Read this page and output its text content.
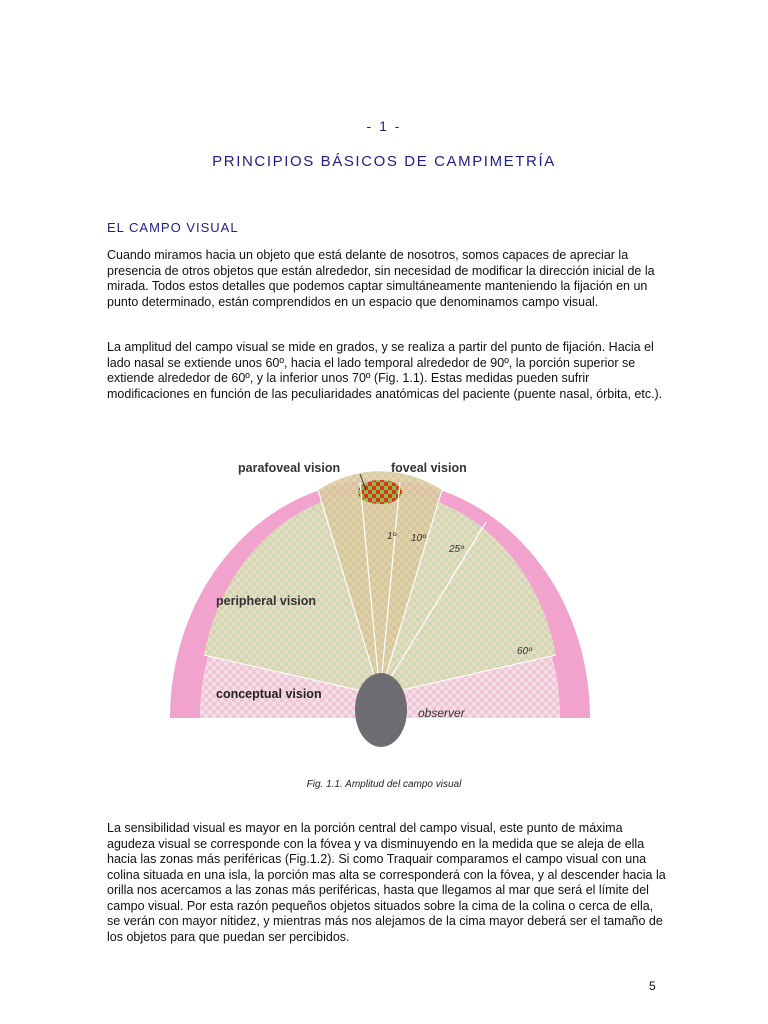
- 1 -
PRINCIPIOS BÁSICOS DE CAMPIMETRÍA
EL CAMPO VISUAL

Cuando miramos hacia un objeto que está delante de nosotros, somos capaces de apreciar la presencia de otros objetos que están alrededor, sin necesidad de modificar la dirección inicial de la mirada. Todos estos detalles que podemos captar simultáneamente manteniendo la fijación en un punto determinado, están comprendidos en un espacio que denominamos campo visual.

La amplitud del campo visual se mide en grados, y se realiza a partir del punto de fijación. Hacia el lado nasal se extiende unos 60º, hacia el lado temporal alrededor de 90º, la porción superior se extiende alrededor de 60º, y la inferior unos 70º (Fig. 1.1). Estas medidas pueden sufrir modificaciones en función de las peculiaridades anatómicas del paciente (puente nasal, órbita, etc.).

parafoveal vision	foveal vision
peripheral vision
conceptual vision
observer
1º 10º
25º
60º
Fig. 1.1. Amplitud del campo visual

La sensibilidad visual es mayor en la porción central del campo visual, este punto de máxima agudeza visual se corresponde con la fóvea y va disminuyendo en la medida que se aleja de ella hacia las zonas más periféricas (Fig.1.2). Si como Traquair comparamos el campo visual con una colina situada en una isla, la porción mas alta se corresponderá con la fóvea, y al descender hacia la orilla nos acercamos a las zonas más periféricas, hasta que llegamos al mar que será el límite del campo visual. Por esta razón pequeños objetos situados sobre la cima de la colina o cerca de ella, se verán con mayor nitidez, y mientras más nos alejamos de la cima mayor deberá ser el tamaño de los objetos para que puedan ser percibidos.

5
